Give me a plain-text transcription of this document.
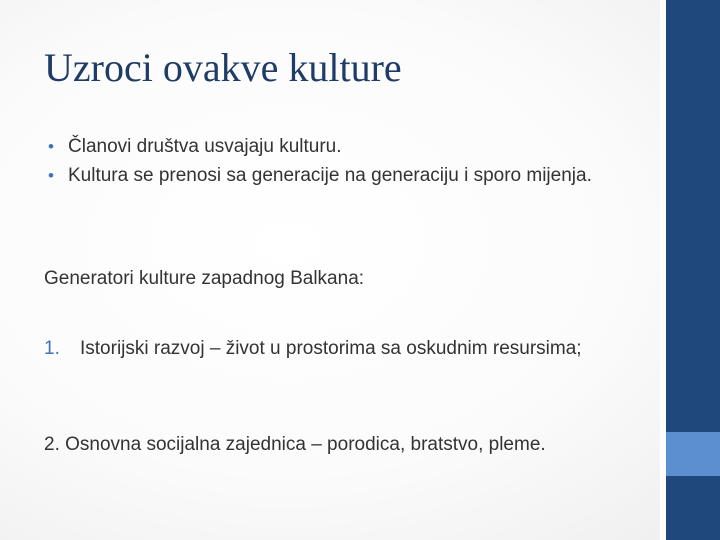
Uzroci ovakve kulture
• Članovi društva usvajaju kulturu.
• Kultura se prenosi sa generacije na generaciju i sporo mijenja.
Generatori kulture zapadnog Balkana:
1.	Istorijski razvoj – život u prostorima sa oskudnim resursima;
2. Osnovna socijalna zajednica – porodica, bratstvo, pleme.
